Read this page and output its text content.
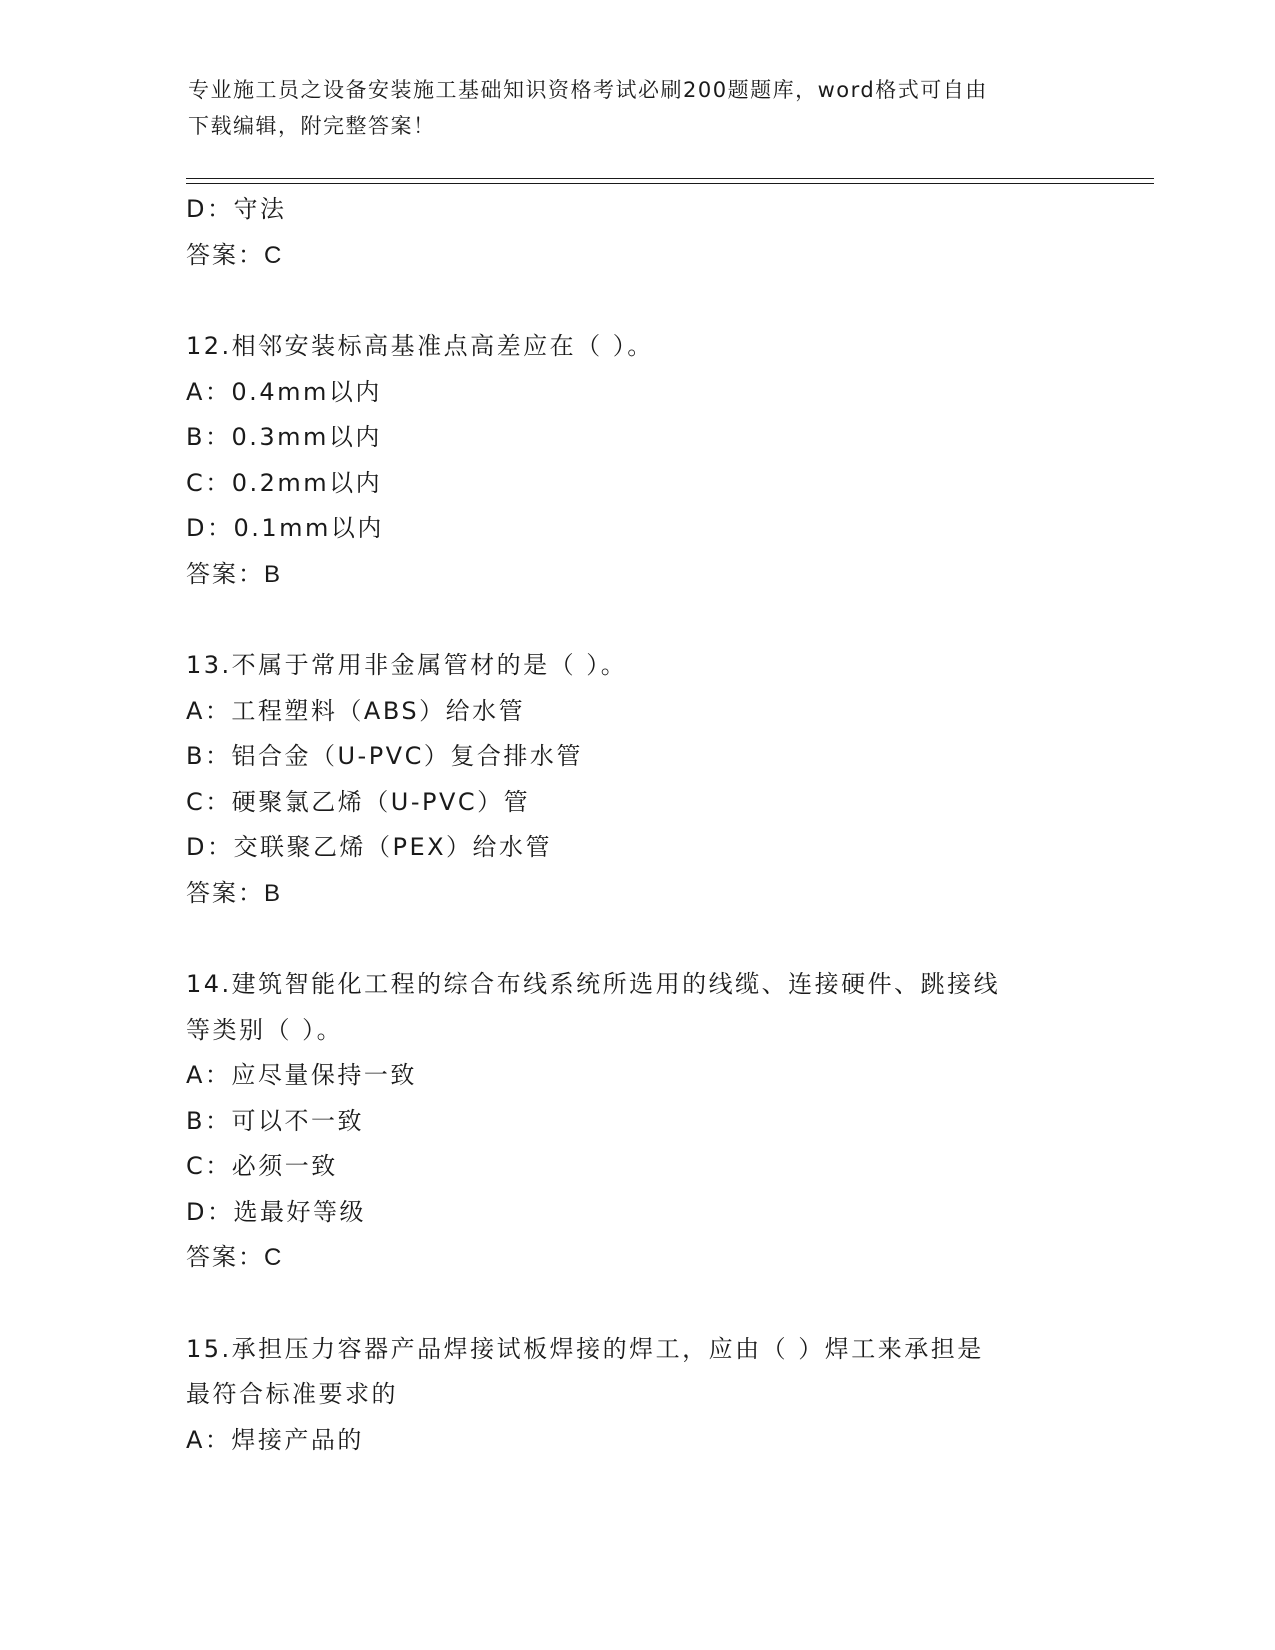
专业施工员之设备安装施工基础知识资格考试必刷200题题库，word格式可自由
下载编辑，附完整答案！
D：守法
答案：C
12.相邻安装标高基准点高差应在（ ）。
A：0.4mm以内
B：0.3mm以内
C：0.2mm以内
D：0.1mm以内
答案：B
13.不属于常用非金属管材的是（ ）。
A：工程塑料（ABS）给水管
B：铝合金（U-PVC）复合排水管
C：硬聚氯乙烯（U-PVC）管
D：交联聚乙烯（PEX）给水管
答案：B
14.建筑智能化工程的综合布线系统所选用的线缆、连接硬件、跳接线
等类别（ ）。
A：应尽量保持一致
B：可以不一致
C：必须一致
D：选最好等级
答案：C
15.承担压力容器产品焊接试板焊接的焊工，应由（ ）焊工来承担是
最符合标准要求的
A：焊接产品的
